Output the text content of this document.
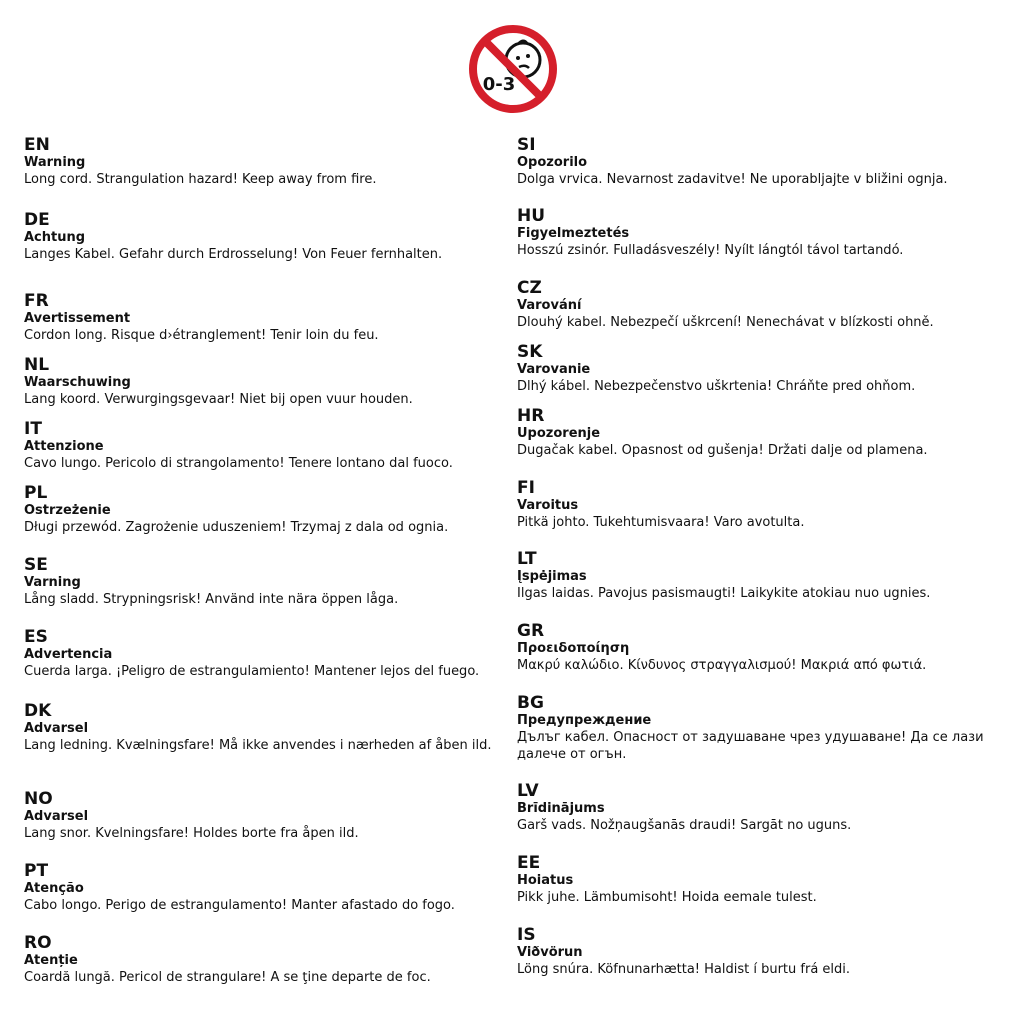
0-3
EN
Warning
Long cord. Strangulation hazard! Keep away from fire.
DE
Achtung
Langes Kabel. Gefahr durch Erdrosselung! Von Feuer fernhalten.
FR
Avertissement
Cordon long. Risque d›étranglement! Tenir loin du feu.
NL
Waarschuwing
Lang koord. Verwurgingsgevaar! Niet bij open vuur houden.
IT
Attenzione
Cavo lungo. Pericolo di strangolamento! Tenere lontano dal fuoco.
PL
Ostrzeżenie
Długi przewód. Zagrożenie uduszeniem! Trzymaj z dala od ognia.
SE
Varning
Lång sladd. Strypningsrisk! Använd inte nära öppen låga.
ES
Advertencia
Cuerda larga. ¡Peligro de estrangulamiento! Mantener lejos del fuego.
DK
Advarsel
Lang ledning. Kvælningsfare! Må ikke anvendes i nærheden af åben ild.
NO
Advarsel
Lang snor. Kvelningsfare! Holdes borte fra åpen ild.
PT
Atenção
Cabo longo. Perigo de estrangulamento! Manter afastado do fogo.
RO
Atenție
Coardă lungă. Pericol de strangulare! A se ţine departe de foc.
SI
Opozorilo
Dolga vrvica. Nevarnost zadavitve! Ne uporabljajte v bližini ognja.
HU
Figyelmeztetés
Hosszú zsinór. Fulladásveszély! Nyílt lángtól távol tartandó.
CZ
Varování
Dlouhý kabel. Nebezpečí uškrcení! Nenechávat v blízkosti ohně.
SK
Varovanie
Dlhý kábel. Nebezpečenstvo uškrtenia! Chráňte pred ohňom.
HR
Upozorenje
Dugačak kabel. Opasnost od gušenja! Držati dalje od plamena.
FI
Varoitus
Pitkä johto. Tukehtumisvaara! Varo avotulta.
LT
Įspėjimas
Ilgas laidas. Pavojus pasismaugti! Laikykite atokiau nuo ugnies.
GR
Προειδοποίηση
Μακρύ καλώδιο. Κίνδυνος στραγγαλισμού! Μακριά από φωτιά.
BG
Предупреждение
Дълъг кабел. Опасност от задушаване чрез удушаване! Да се лази далече от огън.
LV
Brīdinājums
Garš vads. Nožņaugšanās draudi! Sargāt no uguns.
EE
Hoiatus
Pikk juhe. Lämbumisoht! Hoida eemale tulest.
IS
Viðvörun
Löng snúra. Köfnunarhætta! Haldist í burtu frá eldi.
